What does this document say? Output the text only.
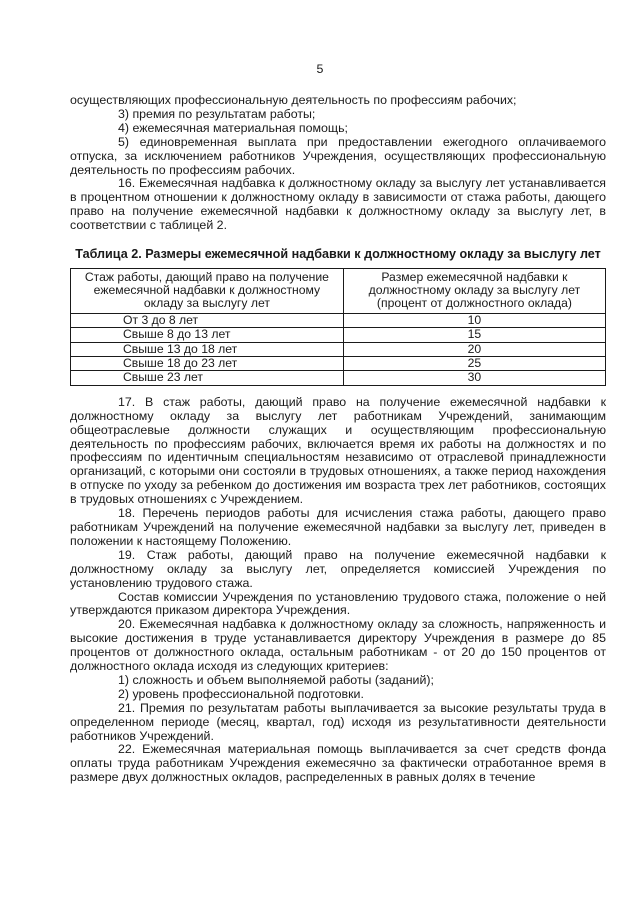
5

осуществляющих профессиональную деятельность по профессиям рабочих;

3) премия по результатам работы;

4) ежемесячная материальная помощь;

5) единовременная выплата при предоставлении ежегодного оплачиваемого отпуска, за исключением работников Учреждения, осуществляющих профессиональную деятельность по профессиям рабочих.

16. Ежемесячная надбавка к должностному окладу за выслугу лет устанавливается в процентном отношении к должностному окладу в зависимости от стажа работы, дающего право на получение ежемесячной надбавки к должностному окладу за выслугу лет, в соответствии с таблицей 2.

Таблица 2. Размеры ежемесячной надбавки к должностному окладу за выслугу лет
Стаж работы, дающий право на получение ежемесячной надбавки к должностному окладу за выслугу лет	Размер ежемесячной надбавки к должностному окладу за выслугу лет (процент от должностного оклада)
От 3 до 8 лет	10
Свыше 8 до 13 лет	15
Свыше 13 до 18 лет	20
Свыше 18 до 23 лет	25
Свыше 23 лет	30

17. В стаж работы, дающий право на получение ежемесячной надбавки к должностному окладу за выслугу лет работникам Учреждений, занимающим общеотраслевые должности служащих и осуществляющим профессиональную деятельность по профессиям рабочих, включается время их работы на должностях и по профессиям по идентичным специальностям независимо от отраслевой принадлежности организаций, с которыми они состояли в трудовых отношениях, а также период нахождения в отпуске по уходу за ребенком до достижения им возраста трех лет работников, состоящих в трудовых отношениях с Учреждением.

18. Перечень периодов работы для исчисления стажа работы, дающего право работникам Учреждений на получение ежемесячной надбавки за выслугу лет, приведен в положении к настоящему Положению.

19. Стаж работы, дающий право на получение ежемесячной надбавки к должностному окладу за выслугу лет, определяется комиссией Учреждения по установлению трудового стажа.

Состав комиссии Учреждения по установлению трудового стажа, положение о ней утверждаются приказом директора Учреждения.

20. Ежемесячная надбавка к должностному окладу за сложность, напряженность и высокие достижения в труде устанавливается директору Учреждения в размере до 85 процентов от должностного оклада, остальным работникам - от 20 до 150 процентов от должностного оклада исходя из следующих критериев:

1) сложность и объем выполняемой работы (заданий);

2) уровень профессиональной подготовки.

21. Премия по результатам работы выплачивается за высокие результаты труда в определенном периоде (месяц, квартал, год) исходя из результативности деятельности работников Учреждений.

22. Ежемесячная материальная помощь выплачивается за счет средств фонда оплаты труда работникам Учреждения ежемесячно за фактически отработанное время в размере двух должностных окладов, распределенных в равных долях в течение
